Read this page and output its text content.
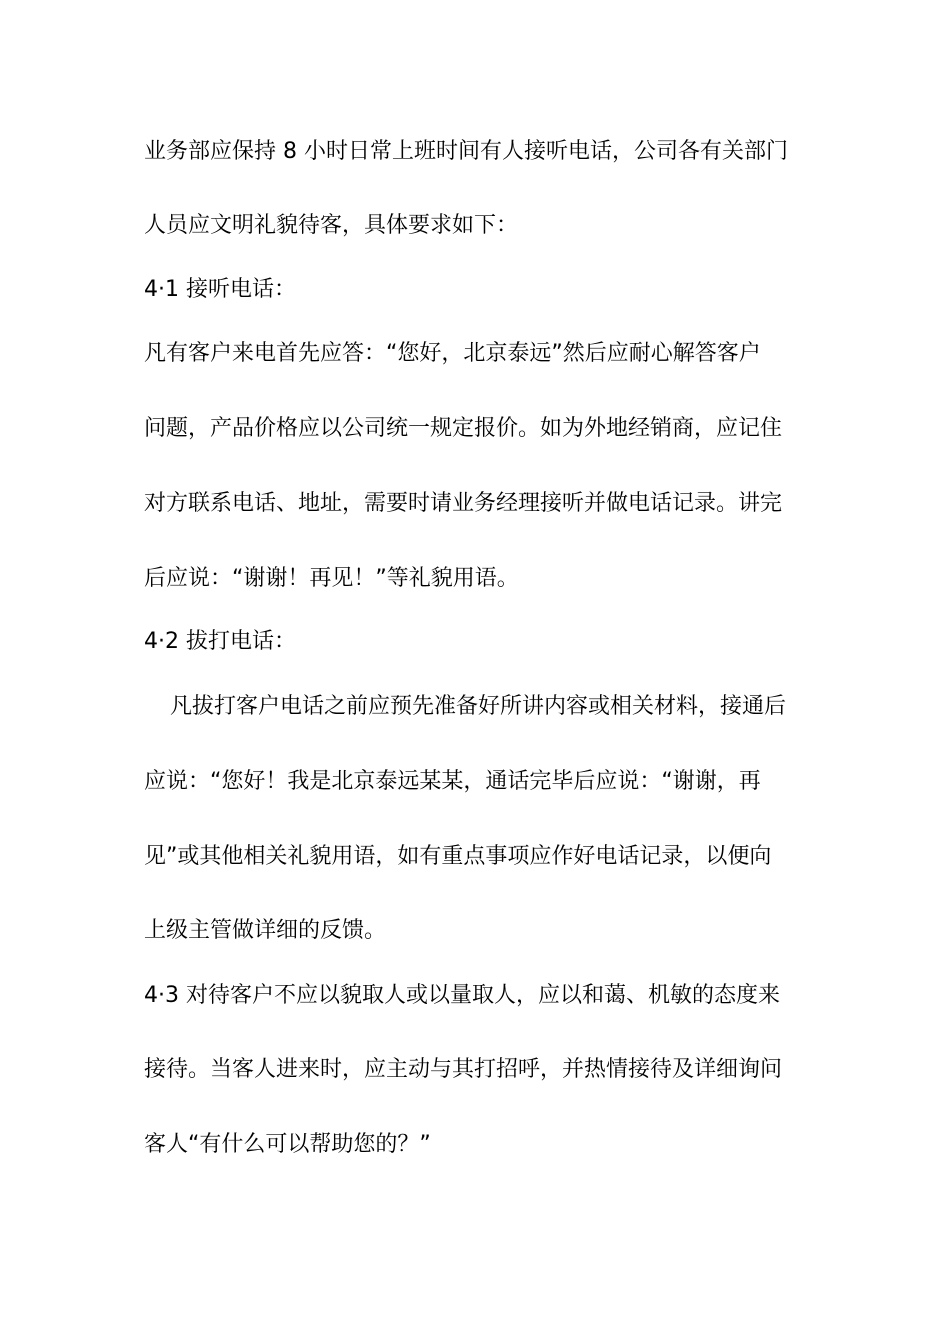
业务部应保持 8 小时日常上班时间有人接听电话，公司各有关部门
人员应文明礼貌待客，具体要求如下：
4·1 接听电话：
凡有客户来电首先应答：“您好，北京泰远”然后应耐心解答客户
问题，产品价格应以公司统一规定报价。如为外地经销商，应记住
对方联系电话、地址，需要时请业务经理接听并做电话记录。讲完
后应说：“谢谢！再见！”等礼貌用语。
4·2 拔打电话：
凡拔打客户电话之前应预先准备好所讲内容或相关材料，接通后
应说：“您好！我是北京泰远某某，通话完毕后应说：“谢谢，再
见”或其他相关礼貌用语，如有重点事项应作好电话记录，以便向
上级主管做详细的反馈。
4·3 对待客户不应以貌取人或以量取人，应以和蔼、机敏的态度来
接待。当客人进来时，应主动与其打招呼，并热情接待及详细询问
客人“有什么可以帮助您的？”
